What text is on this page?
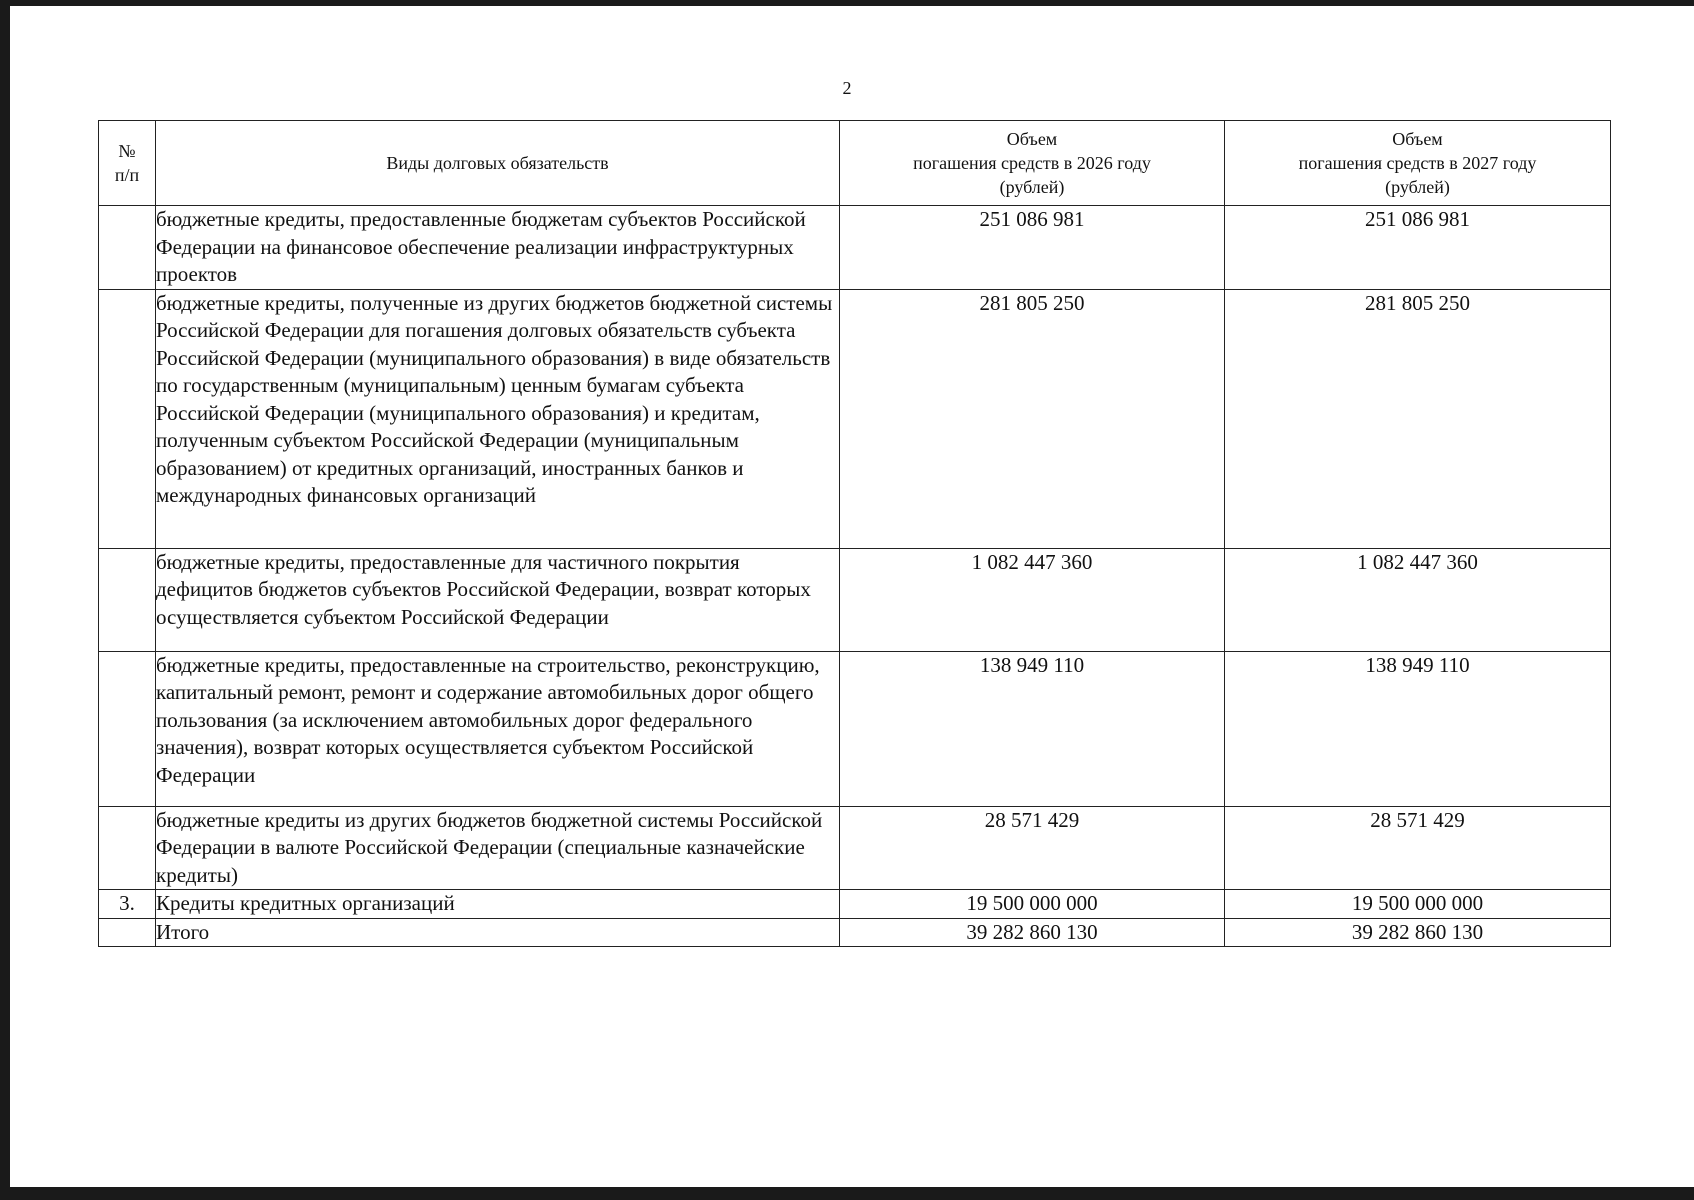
2
№
п/п	Виды долговых обязательств	Объем
погашения средств в 2026 году
(рублей)	Объем
погашения средств в 2027 году
(рублей)

	бюджетные кредиты, предоставленные бюджетам субъектов Российской Федерации на финансовое обеспечение реализации инфраструктурных проектов	251 086 981	251 086 981
	бюджетные кредиты, полученные из других бюджетов бюджетной системы Российской Федерации для погашения долговых обязательств субъекта Российской Федерации (муниципального образования) в виде обязательств по государственным (муниципальным) ценным бумагам субъекта Российской Федерации (муниципального образования) и кредитам, полученным субъектом Российской Федерации (муниципальным образованием) от кредитных организаций, иностранных банков и международных финансовых организаций	281 805 250	281 805 250
	бюджетные кредиты, предоставленные для частичного покрытия дефицитов бюджетов субъектов Российской Федерации, возврат которых осуществляется субъектом Российской Федерации	1 082 447 360	1 082 447 360
	бюджетные кредиты, предоставленные на строительство, реконструкцию, капитальный ремонт, ремонт и содержание автомобильных дорог общего пользования (за исключением автомобильных дорог федерального значения), возврат которых осуществляется субъектом Российской Федерации	138 949 110	138 949 110
	бюджетные кредиты из других бюджетов бюджетной системы Российской Федерации в валюте Российской Федерации (специальные казначейские кредиты)	28 571 429	28 571 429
3.	Кредиты кредитных организаций	19 500 000 000	19 500 000 000
	Итого	39 282 860 130	39 282 860 130
